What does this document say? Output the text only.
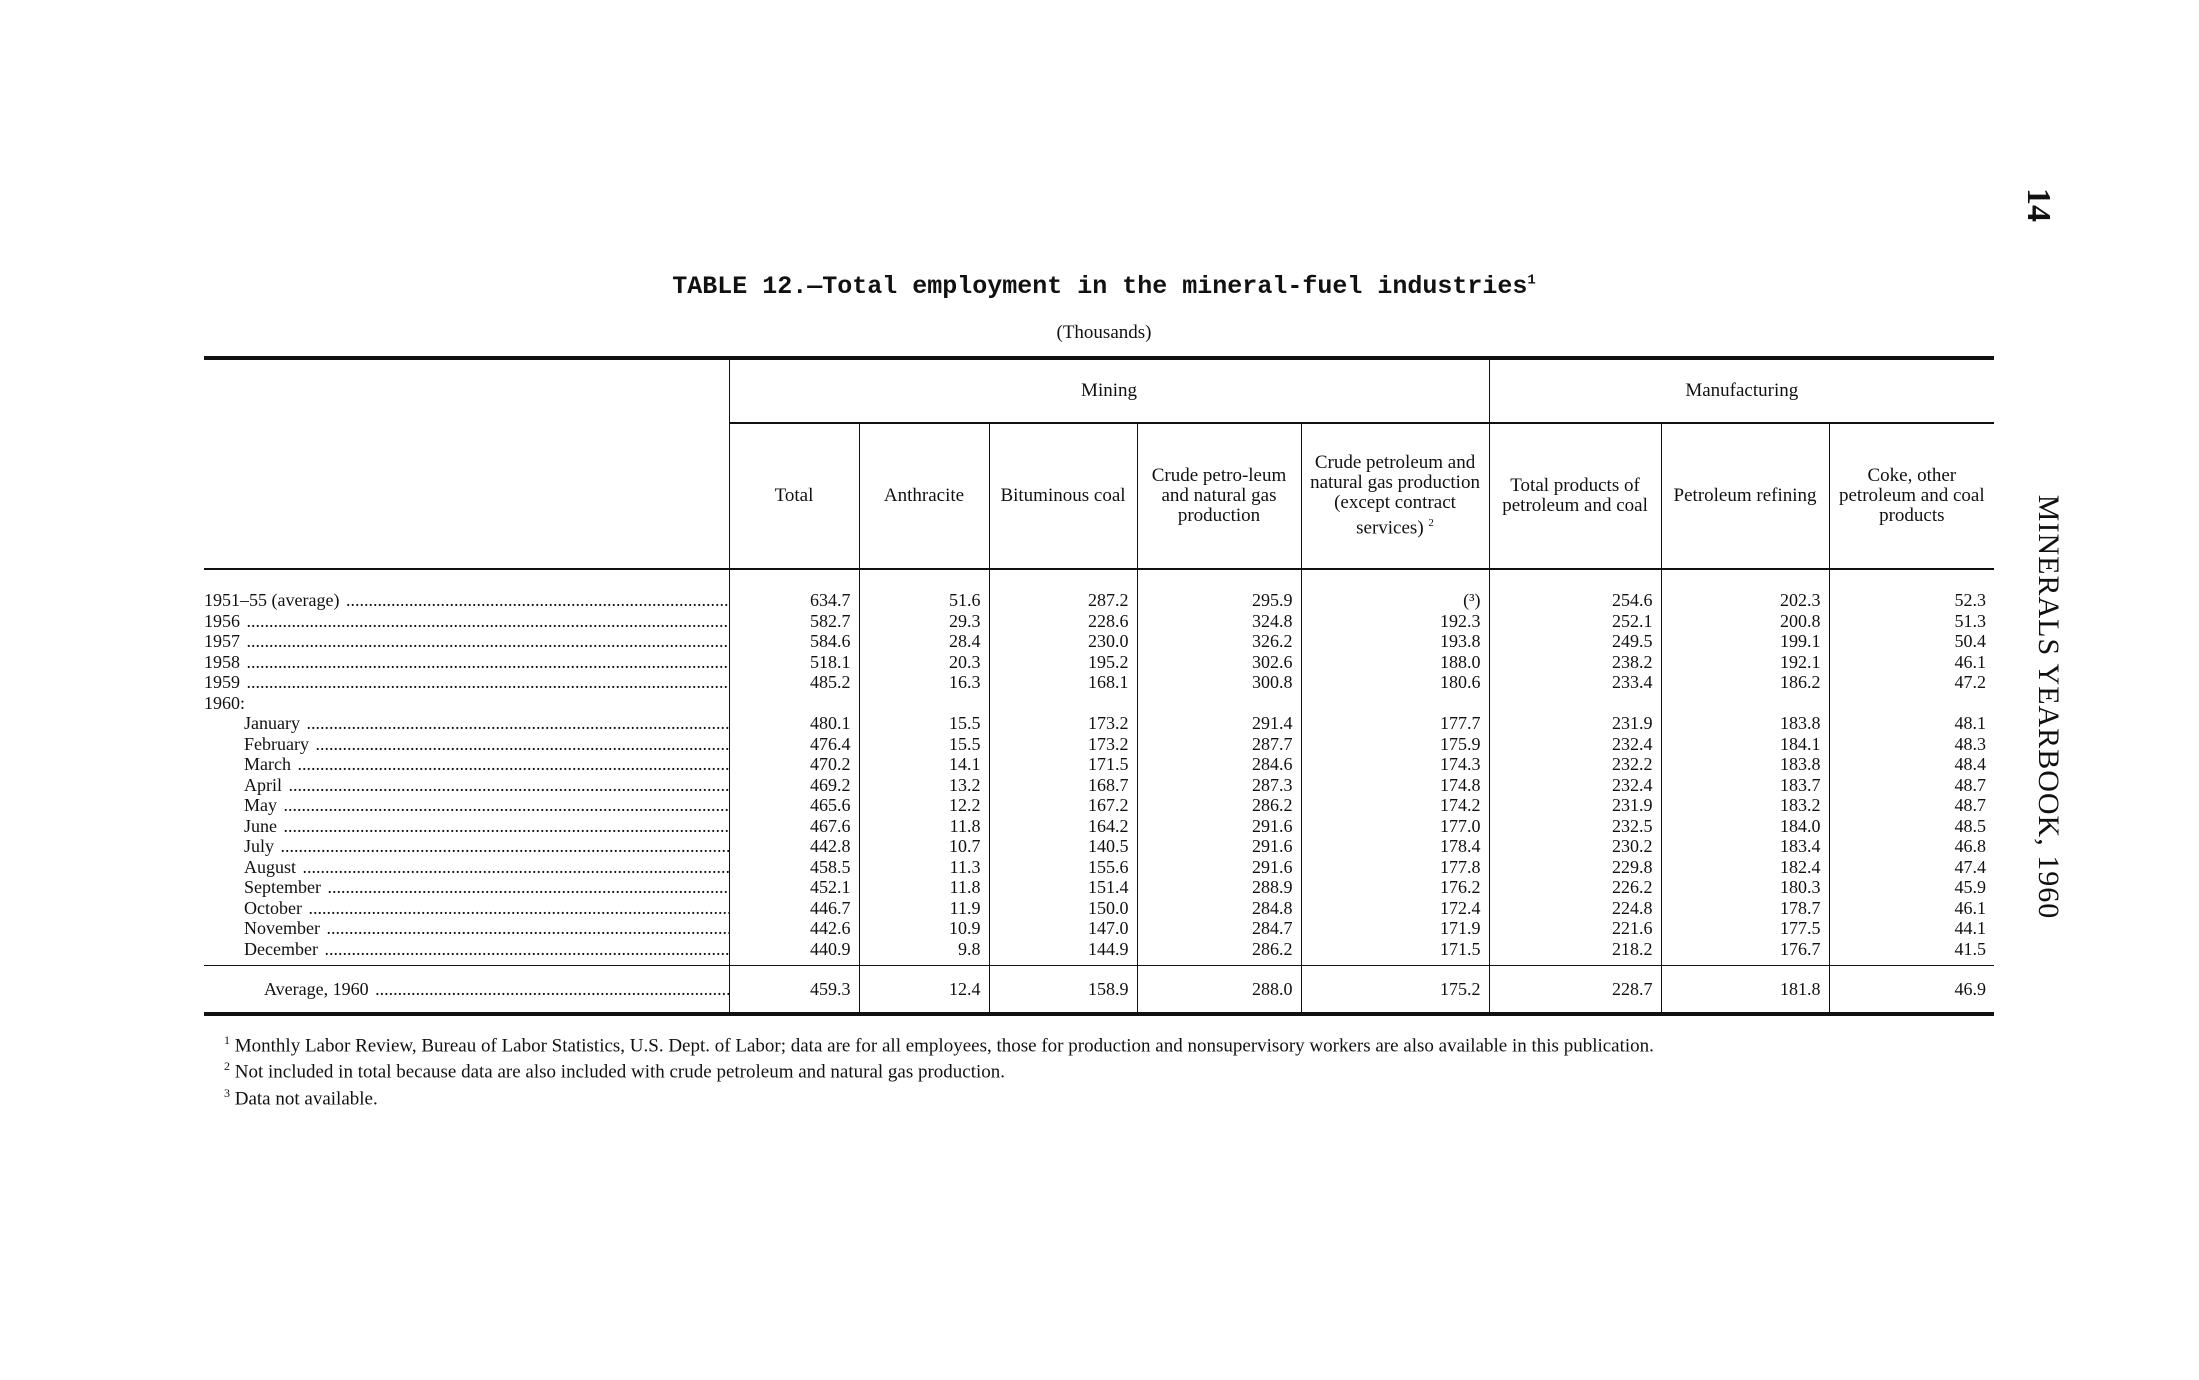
14
MINERALS YEARBOOK, 1960
TABLE 12.—Total employment in the mineral-fuel industries$^1$
(Thousands)
	Mining					Manufacturing		
	Total	Anthracite	Bituminous coal	Crude petro-leum and natural gas production	Crude petroleum and natural gas production (except contract services) $^2$	Total products of petroleum and coal	Petroleum refining	Coke, other petroleum and coal products
1951–55 (average) .....	634.7	51.6	287.2	295.9	(³)	254.6	202.3	52.3
1956 .....	582.7	29.3	228.6	324.8	192.3	252.1	200.8	51.3
1957 .....	584.6	28.4	230.0	326.2	193.8	249.5	199.1	50.4
1958 .....	518.1	20.3	195.2	302.6	188.0	238.2	192.1	46.1
1959 .....	485.2	16.3	168.1	300.8	180.6	233.4	186.2	47.2
1960:								
January .....	480.1	15.5	173.2	291.4	177.7	231.9	183.8	48.1
February .....	476.4	15.5	173.2	287.7	175.9	232.4	184.1	48.3
March .....	470.2	14.1	171.5	284.6	174.3	232.2	183.8	48.4
April .....	469.2	13.2	168.7	287.3	174.8	232.4	183.7	48.7
May .....	465.6	12.2	167.2	286.2	174.2	231.9	183.2	48.7
June .....	467.6	11.8	164.2	291.6	177.0	232.5	184.0	48.5
July .....	442.8	10.7	140.5	291.6	178.4	230.2	183.4	46.8
August .....	458.5	11.3	155.6	291.6	177.8	229.8	182.4	47.4
September .....	452.1	11.8	151.4	288.9	176.2	226.2	180.3	45.9
October .....	446.7	11.9	150.0	284.8	172.4	224.8	178.7	46.1
November .....	442.6	10.9	147.0	284.7	171.9	221.6	177.5	44.1
December .....	440.9	9.8	144.9	286.2	171.5	218.2	176.7	41.5

Average, 1960 .....	459.3	12.4	158.9	288.0	175.2	228.7	181.8	46.9

$^1$ Monthly Labor Review, Bureau of Labor Statistics, U.S. Dept. of Labor; data are for all employees, those for production and nonsupervisory workers are also available in this publication.

$^2$ Not included in total because data are also included with crude petroleum and natural gas production.

$^3$ Data not available.
